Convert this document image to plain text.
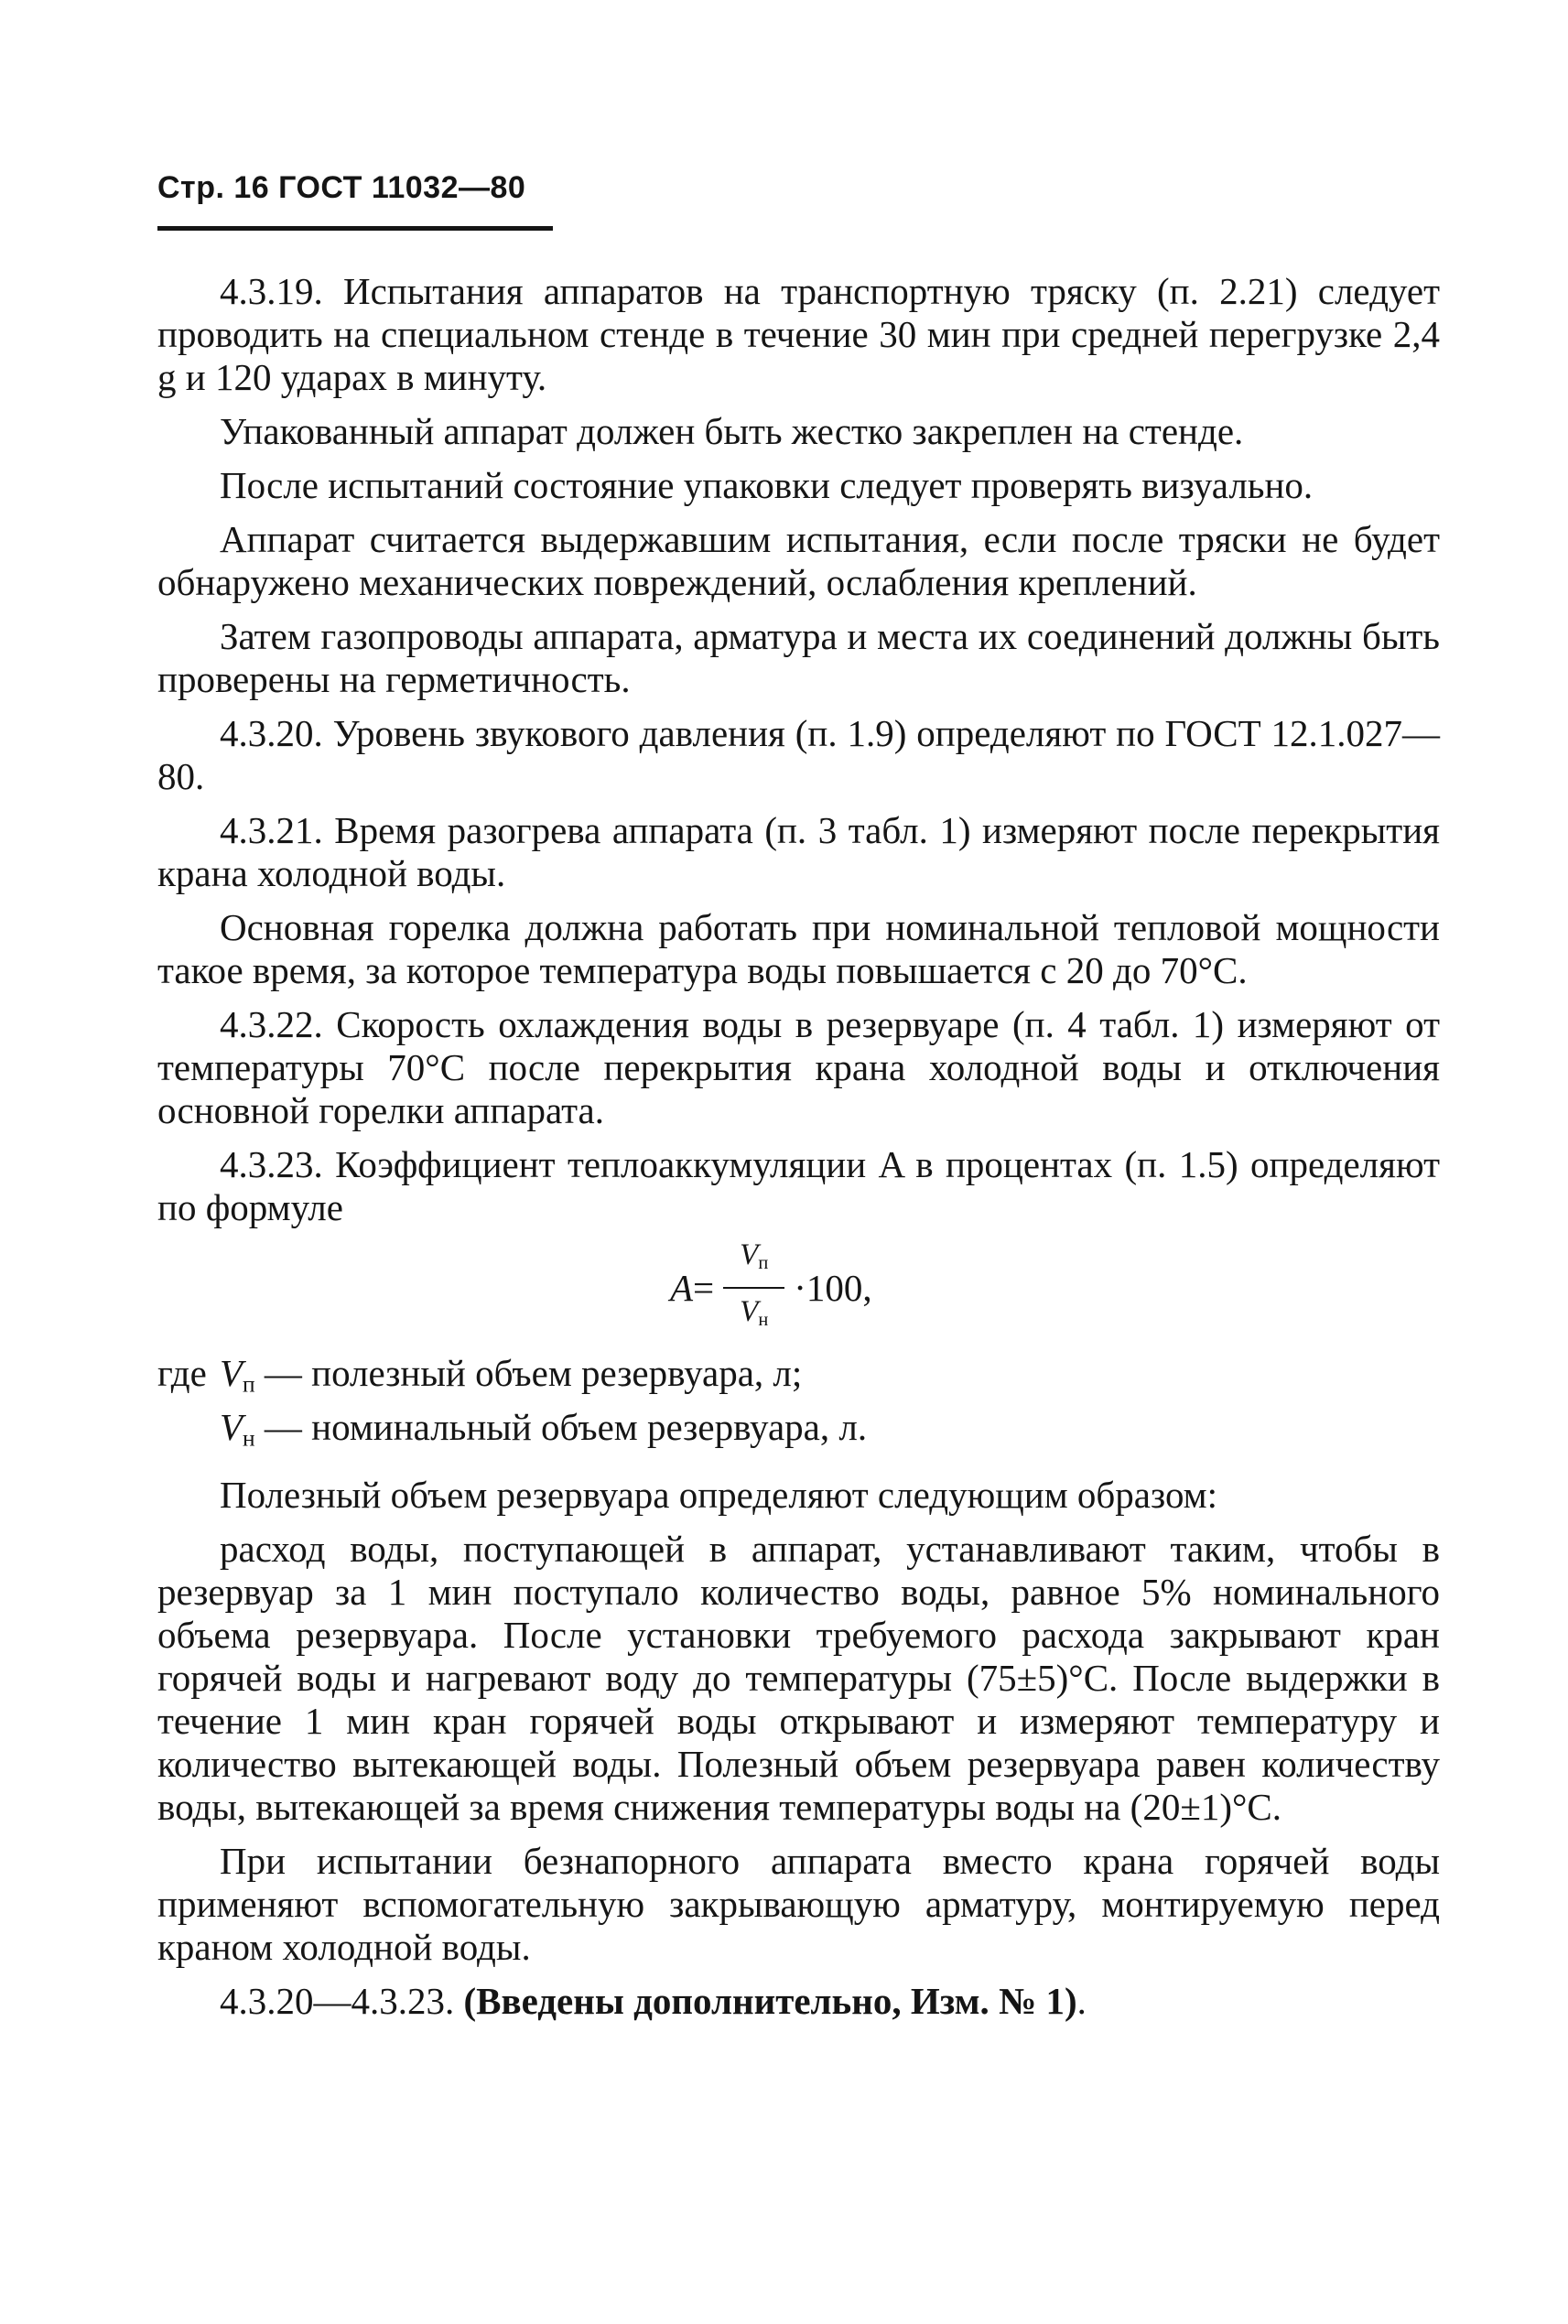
Стр. 16 ГОСТ 11032—80

4.3.19. Испытания аппаратов на транспортную тряску (п. 2.21) следует проводить на специальном стенде в течение 30 мин при средней перегрузке 2,4 g и 120 ударах в минуту.

Упакованный аппарат должен быть жестко закреплен на стенде.

После испытаний состояние упаковки следует проверять визуально.

Аппарат считается выдержавшим испытания, если после тряски не будет обнаружено механических повреждений, ослабления креплений.

Затем газопроводы аппарата, арматура и места их соединений должны быть проверены на герметичность.

4.3.20. Уровень звукового давления (п. 1.9) определяют по ГОСТ 12.1.027—80.

4.3.21. Время разогрева аппарата (п. 3 табл. 1) измеряют после перекрытия крана холодной воды.

Основная горелка должна работать при номинальной тепловой мощности такое время, за которое температура воды повышается с 20 до 70°С.

4.3.22. Скорость охлаждения воды в резервуаре (п. 4 табл. 1) измеряют от температуры 70°С после перекрытия крана холодной воды и отключения основной горелки аппарата.

4.3.23. Коэффициент теплоаккумуляции A в процентах (п. 1.5) определяют по формуле

$A = \frac{V_п}{V_н} \cdot 100$,
где $V_п$ — полезный объем резервуара, л;
$V_н$ — номинальный объем резервуара, л.

Полезный объем резервуара определяют следующим образом:

расход воды, поступающей в аппарат, устанавливают таким, чтобы в резервуар за 1 мин поступало количество воды, равное 5% номинального объема резервуара. После установки требуемого расхода закрывают кран горячей воды и нагревают воду до температуры (75±5)°С. После выдержки в течение 1 мин кран горячей воды открывают и измеряют температуру и количество вытекающей воды. Полезный объем резервуара равен количеству воды, вытекающей за время снижения температуры воды на (20±1)°С.

При испытании безнапорного аппарата вместо крана горячей воды применяют вспомогательную закрывающую арматуру, монтируемую перед краном холодной воды.

4.3.20—4.3.23. (Введены дополнительно, Изм. № 1).
